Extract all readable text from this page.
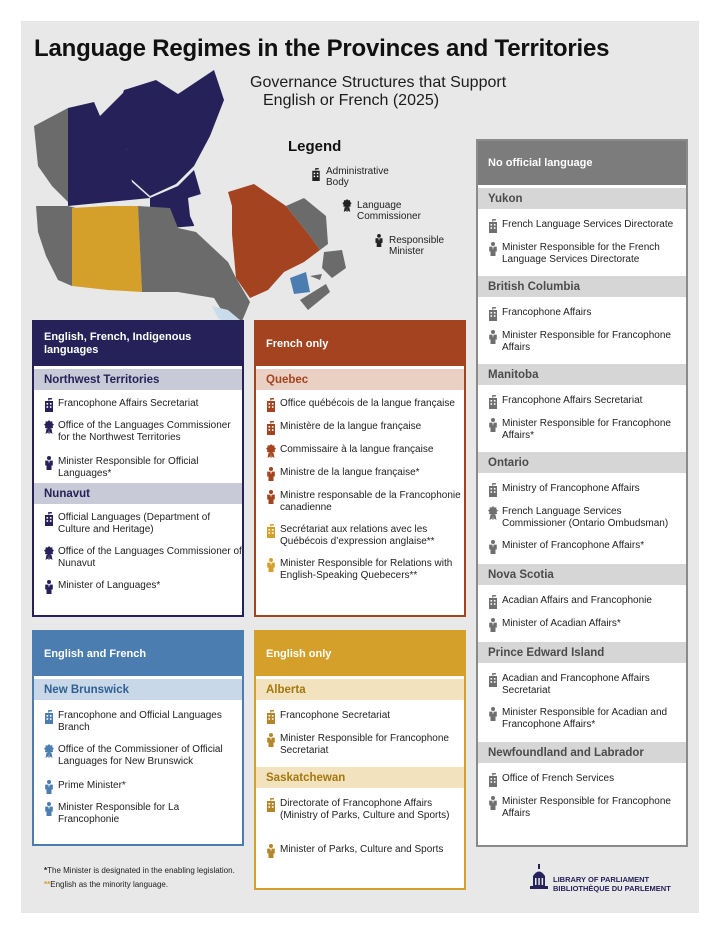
Language Regimes in the Provinces and Territories
Governance Structures that Support
English or French (2025)
Legend
Administrative
Body
Language
Commissioner
Responsible
Minister
English, French, Indigenous languages
Northwest Territories
Francophone Affairs Secretariat
Office of the Languages Commissioner for the Northwest Territories
Minister Responsible for Official Languages*
Nunavut
Official Languages (Department of Culture and Heritage)
Office of the Languages Commissioner of Nunavut
Minister of Languages*
French only
Quebec
Office québécois de la langue française
Ministère de la langue française
Commissaire à la langue française
Ministre de la langue française*
Ministre responsable de la Francophonie canadienne
Secrétariat aux relations avec les Québécois d’expression anglaise**
Minister Responsible for Relations with English-Speaking Quebecers**
English and French
New Brunswick
Francophone and Official Languages Branch
Office of the Commissioner of Official Languages for New Brunswick
Prime Minister*
Minister Responsible for La Francophonie
English only
Alberta
Francophone Secretariat
Minister Responsible for Francophone Secretariat
Saskatchewan
Directorate of Francophone Affairs (Ministry of Parks, Culture and Sports)
Minister of Parks, Culture and Sports
No official language
Yukon
French Language Services Directorate
Minister Responsible for the French Language Services Directorate
British Columbia
Francophone Affairs
Minister Responsible for Francophone Affairs
Manitoba
Francophone Affairs Secretariat
Minister Responsible for Francophone Affairs*
Ontario
Ministry of Francophone Affairs
French Language Services Commissioner (Ontario Ombudsman)
Minister of Francophone Affairs*
Nova Scotia
Acadian Affairs and Francophonie
Minister of Acadian Affairs*
Prince Edward Island
Acadian and Francophone Affairs Secretariat
Minister Responsible for Acadian and Francophone Affairs*
Newfoundland and Labrador
Office of French Services
Minister Responsible for Francophone Affairs
*The Minister is designated in the enabling legislation.
**English as the minority language.
LIBRARY OF PARLIAMENT
BIBLIOTHÈQUE DU PARLEMENT
